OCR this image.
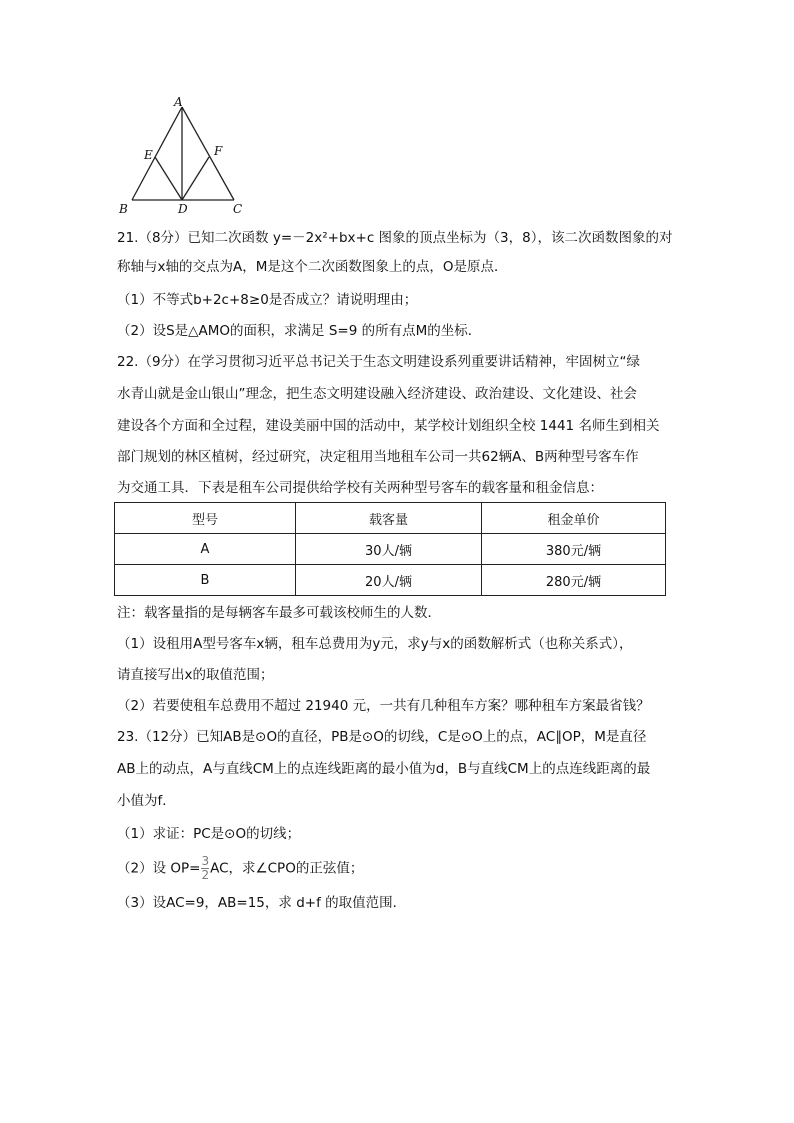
A
B	C
D
E	F
21.（8分）已知二次函数 y=－2x²+bx+c 图象的顶点坐标为（3，8），该二次函数图象的对
称轴与x轴的交点为A，M是这个二次函数图象上的点，O是原点．
（1）不等式b+2c+8≥0是否成立？请说明理由；
（2）设S是△AMO的面积，求满足 S=9 的所有点M的坐标．
22.（9分）在学习贯彻习近平总书记关于生态文明建设系列重要讲话精神，牢固树立“绿
水青山就是金山银山”理念，把生态文明建设融入经济建设、政治建设、文化建设、社会
建设各个方面和全过程，建设美丽中国的活动中，某学校计划组织全校 1441 名师生到相关
部门规划的林区植树，经过研究，决定租用当地租车公司一共62辆A、B两种型号客车作
为交通工具．下表是租车公司提供给学校有关两种型号客车的载客量和租金信息：
型号	载客量	租金单价
A	30人/辆	380元/辆
B	20人/辆	280元/辆
注：载客量指的是每辆客车最多可载该校师生的人数．
（1）设租用A型号客车x辆，租车总费用为y元，求y与x的函数解析式（也称关系式），
请直接写出x的取值范围；
（2）若要使租车总费用不超过 21940 元，一共有几种租车方案？哪种租车方案最省钱？
23.（12分）已知AB是⊙O的直径，PB是⊙O的切线，C是⊙O上的点，AC∥OP，M是直径
AB上的动点，A与直线CM上的点连线距离的最小值为d，B与直线CM上的点连线距离的最
小值为f．
（1）求证：PC是⊙O的切线；
（2）设 $OP= \frac{3}{2}$ AC，求∠CPO的正弦值；
（3）设AC=9，AB=15，求 d+f 的取值范围．
